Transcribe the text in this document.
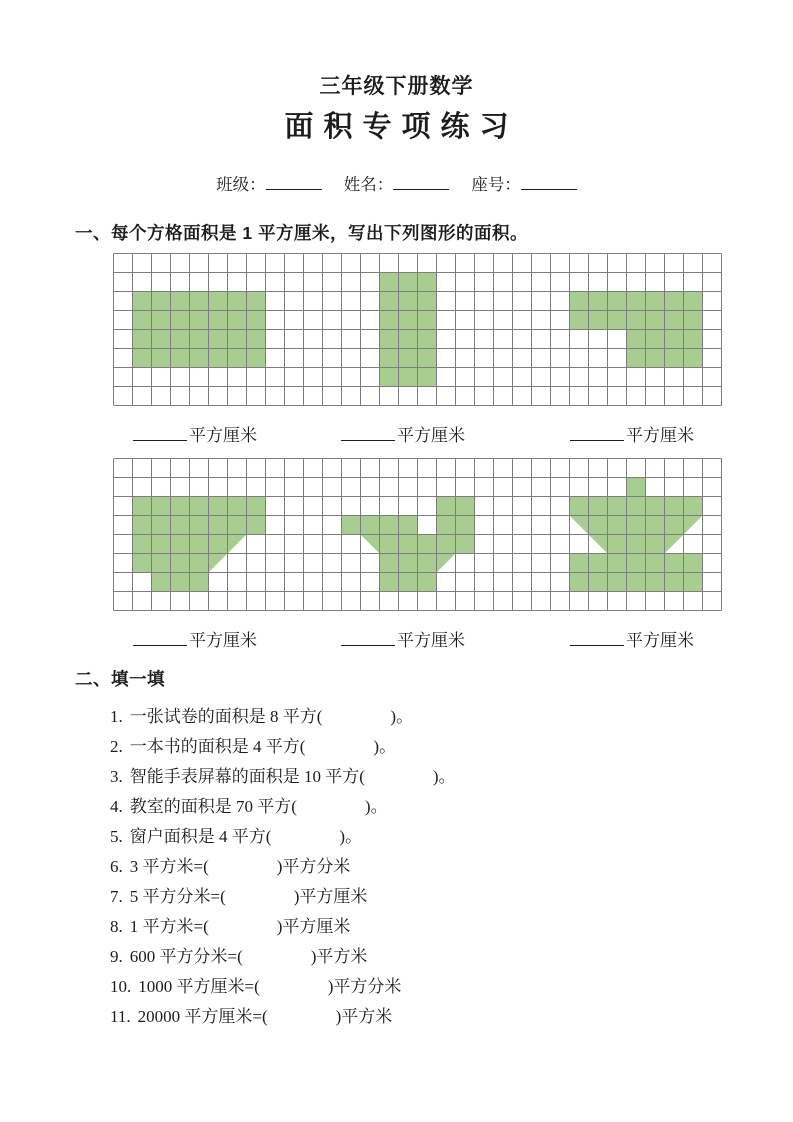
三年级下册数学
面积专项练习
班级：	姓名：	座号：
一、每个方格面积是 1 平方厘米，写出下列图形的面积。
平方厘米	平方厘米	平方厘米
平方厘米	平方厘米	平方厘米
二、填一填
1. 一张试卷的面积是 8 平方(	)。
2. 一本书的面积是 4 平方(	)。
3. 智能手表屏幕的面积是 10 平方(	)。
4. 教室的面积是 70 平方(	)。
5. 窗户面积是 4 平方(	)。
6. 3 平方米=(	)平方分米
7. 5 平方分米=(	)平方厘米
8. 1 平方米=(	)平方厘米
9. 600 平方分米=(	)平方米
10. 1000 平方厘米=(	)平方分米
11. 20000 平方厘米=(	)平方米
